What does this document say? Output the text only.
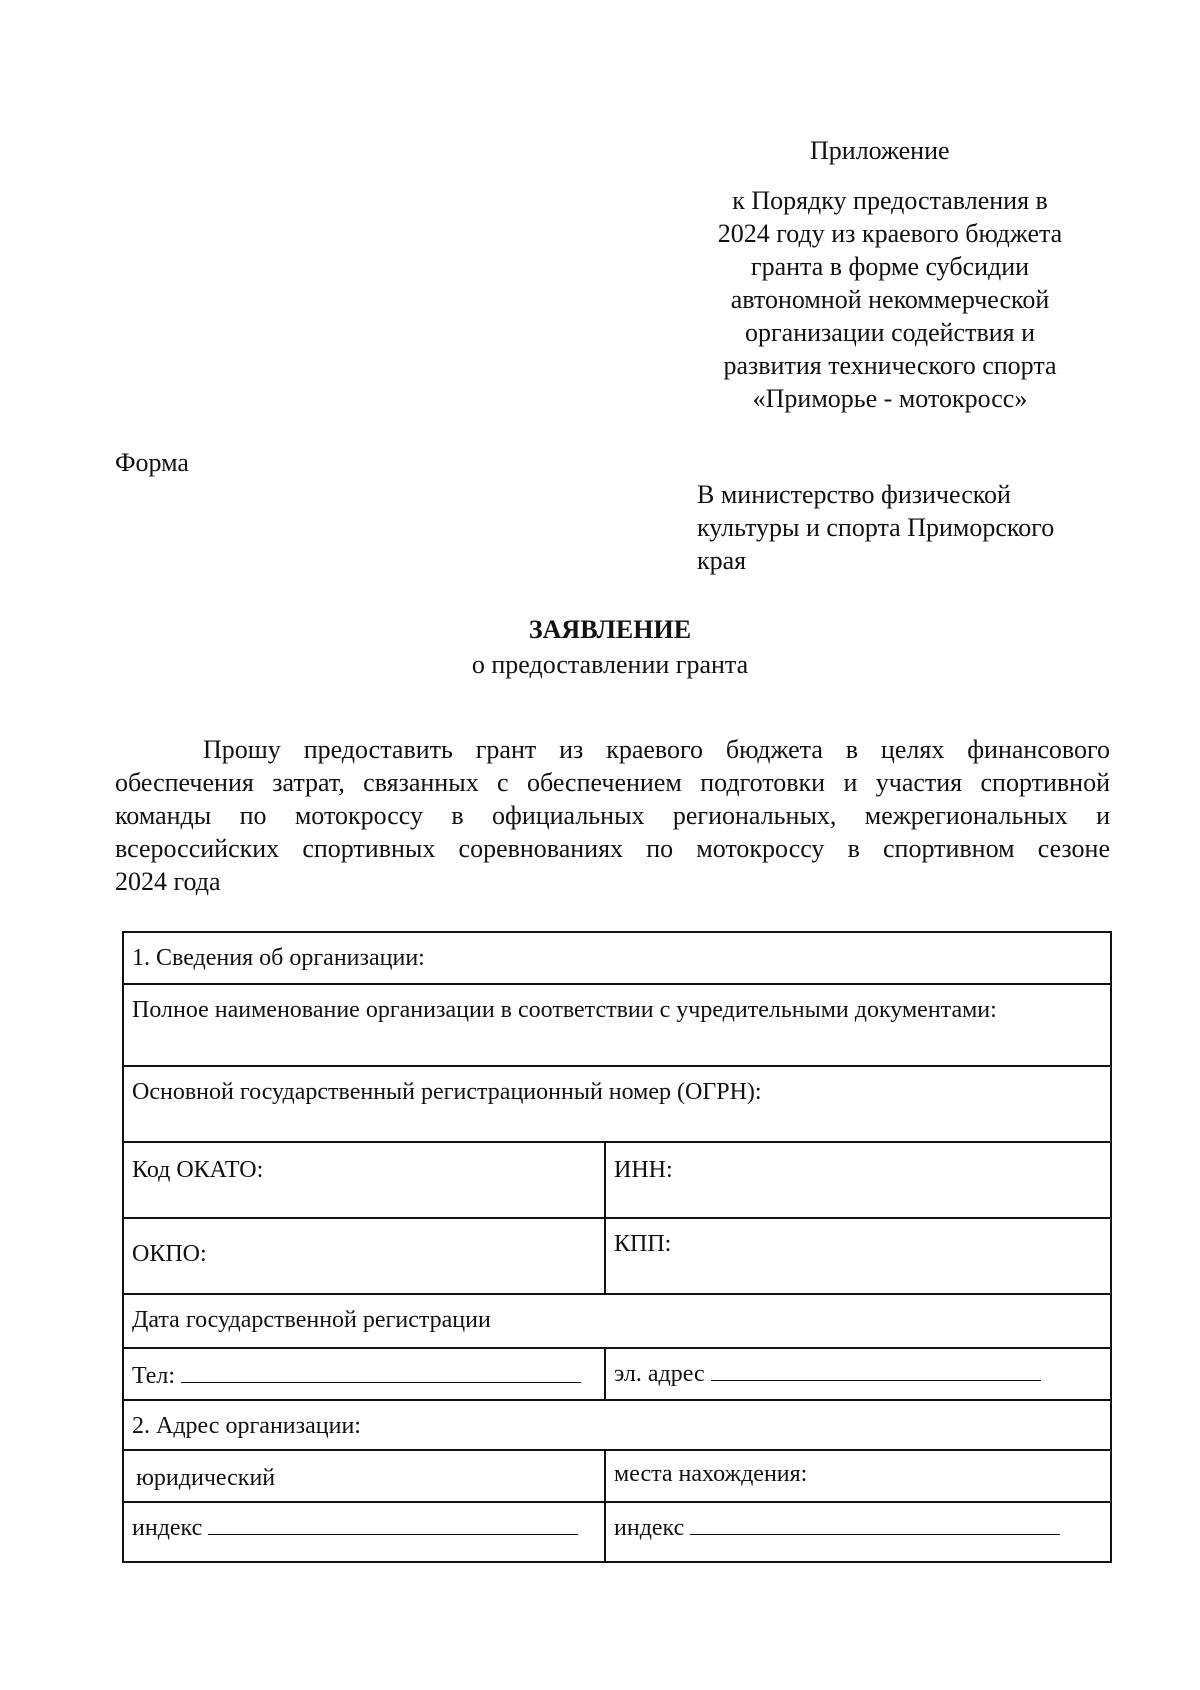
Приложение
к Порядку предоставления в
2024 году из краевого бюджета
гранта в форме субсидии
автономной некоммерческой
организации содействия и
развития технического спорта
«Приморье - мотокросс»
Форма
В министерство физической
культуры и спорта Приморского
края
ЗАЯВЛЕНИЕ
о предоставлении гранта
Прошу предоставить грант из краевого бюджета в целях финансового
обеспечения затрат, связанных с обеспечением подготовки и участия спортивной
команды по мотокроссу в официальных региональных, межрегиональных и
всероссийских спортивных соревнованиях по мотокроссу в спортивном сезоне
2024 года
1. Сведения об организации:
Полное наименование организации в соответствии с учредительными документами:
Основной государственный регистрационный номер (ОГРН):
Код ОКАТО:	ИНН:
ОКПО:	КПП:
Дата государственной регистрации
Тел:	эл. адрес
2. Адрес организации:
юридический	места нахождения:
индекс	индекс
